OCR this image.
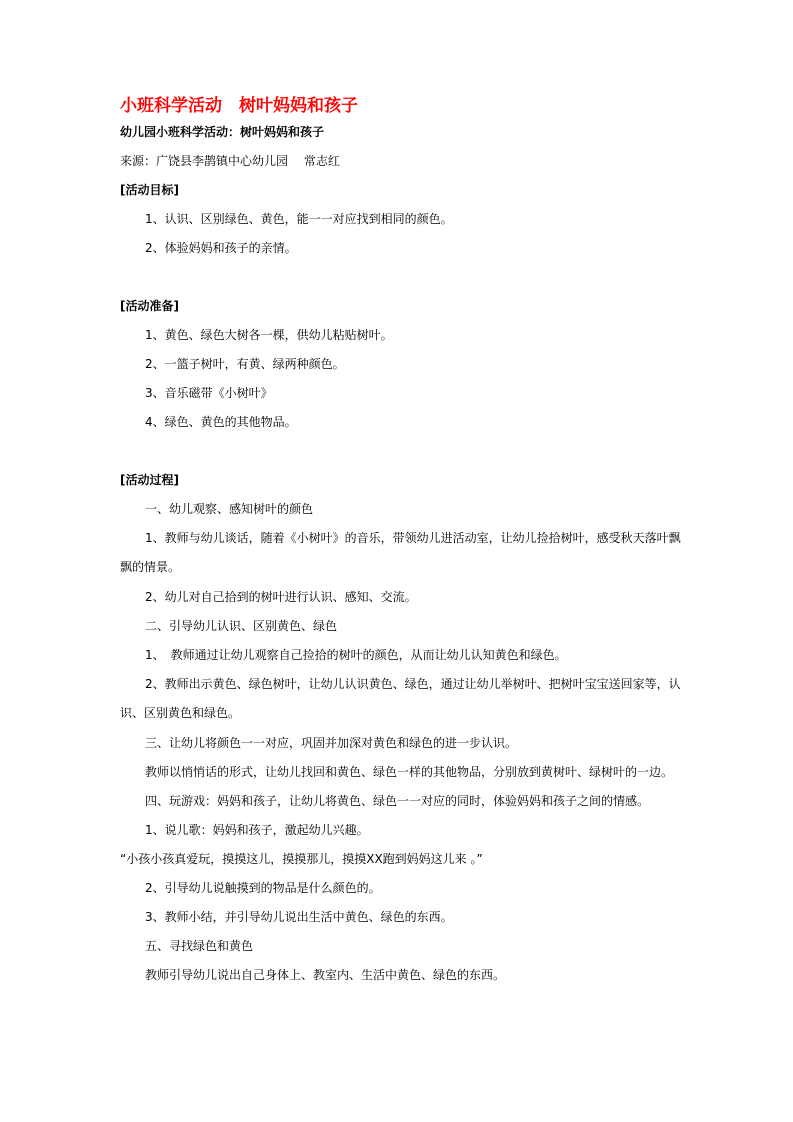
小班科学活动　树叶妈妈和孩子
幼儿园小班科学活动：树叶妈妈和孩子
来源：广饶县李鹊镇中心幼儿园 　常志红
[活动目标]
1、认识、区别绿色、黄色，能一一对应找到相同的颜色。
2、体验妈妈和孩子的亲情。
[活动准备]
1、黄色、绿色大树各一棵，供幼儿粘贴树叶。
2、一篮子树叶，有黄、绿两种颜色。
3、音乐磁带《小树叶》
4、绿色、黄色的其他物品。
[活动过程]
一、幼儿观察、感知树叶的颜色
1、教师与幼儿谈话，随着《小树叶》的音乐，带领幼儿进活动室，让幼儿捡拾树叶，感受秋天落叶飘飘的情景。
2、幼儿对自己拾到的树叶进行认识、感知、交流。
二、引导幼儿认识、区别黄色、绿色
1、　教师通过让幼儿观察自己捡拾的树叶的颜色，从而让幼儿认知黄色和绿色。
2、教师出示黄色、绿色树叶，让幼儿认识黄色、绿色，通过让幼儿举树叶、把树叶宝宝送回家等，认识、区别黄色和绿色。
三、让幼儿将颜色一一对应，巩固并加深对黄色和绿色的进一步认识。
教师以悄悄话的形式，让幼儿找回和黄色、绿色一样的其他物品，分别放到黄树叶、绿树叶的一边。
四、玩游戏：妈妈和孩子，让幼儿将黄色、绿色一一对应的同时，体验妈妈和孩子之间的情感。
1、说儿歌：妈妈和孩子，激起幼儿兴趣。
“小孩小孩真爱玩，摸摸这儿，摸摸那儿，摸摸XX跑到妈妈这儿来 。”
2、引导幼儿说触摸到的物品是什么颜色的。
3、教师小结，并引导幼儿说出生活中黄色、绿色的东西。
五、寻找绿色和黄色
教师引导幼儿说出自己身体上、教室内、生活中黄色、绿色的东西。
